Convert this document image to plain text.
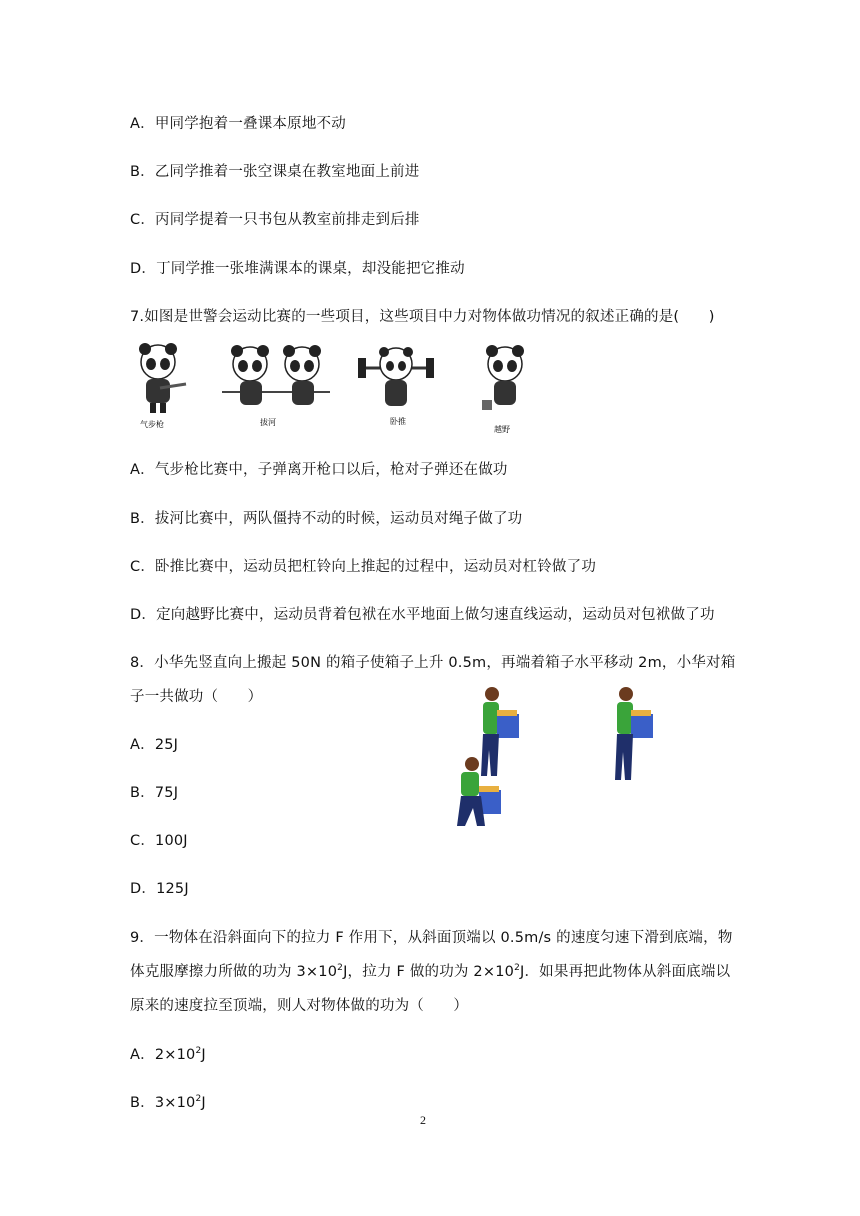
A．甲同学抱着一叠课本原地不动
B．乙同学推着一张空课桌在教室地面上前进
C．丙同学提着一只书包从教室前排走到后排
D．丁同学推一张堆满课本的课桌，却没能把它推动
7.如图是世警会运动比赛的一些项目，这些项目中力对物体做功情况的叙述正确的是(　　)
气步枪	拔河	卧推
越野
A．气步枪比赛中，子弹离开枪口以后，枪对子弹还在做功
B．拔河比赛中，两队僵持不动的时候，运动员对绳子做了功
C．卧推比赛中，运动员把杠铃向上推起的过程中，运动员对杠铃做了功
D．定向越野比赛中，运动员背着包袱在水平地面上做匀速直线运动，运动员对包袱做了功
8．小华先竖直向上搬起 50N 的箱子使箱子上升 0.5m，再端着箱子水平移动 2m，小华对箱
子一共做功（　　）
A．25J
B．75J
C．100J
D．125J
9．一物体在沿斜面向下的拉力 F 作用下，从斜面顶端以 0.5m/s 的速度匀速下滑到底端，物
体克服摩擦力所做的功为 $3\times 10^2J$，拉力 F 做的功为 $2\times 10^2J$．如果再把此物体从斜面底端以
原来的速度拉至顶端，则人对物体做的功为（　　）
A．$2\times 10^2J$
B．$3\times 10^2J$
2
